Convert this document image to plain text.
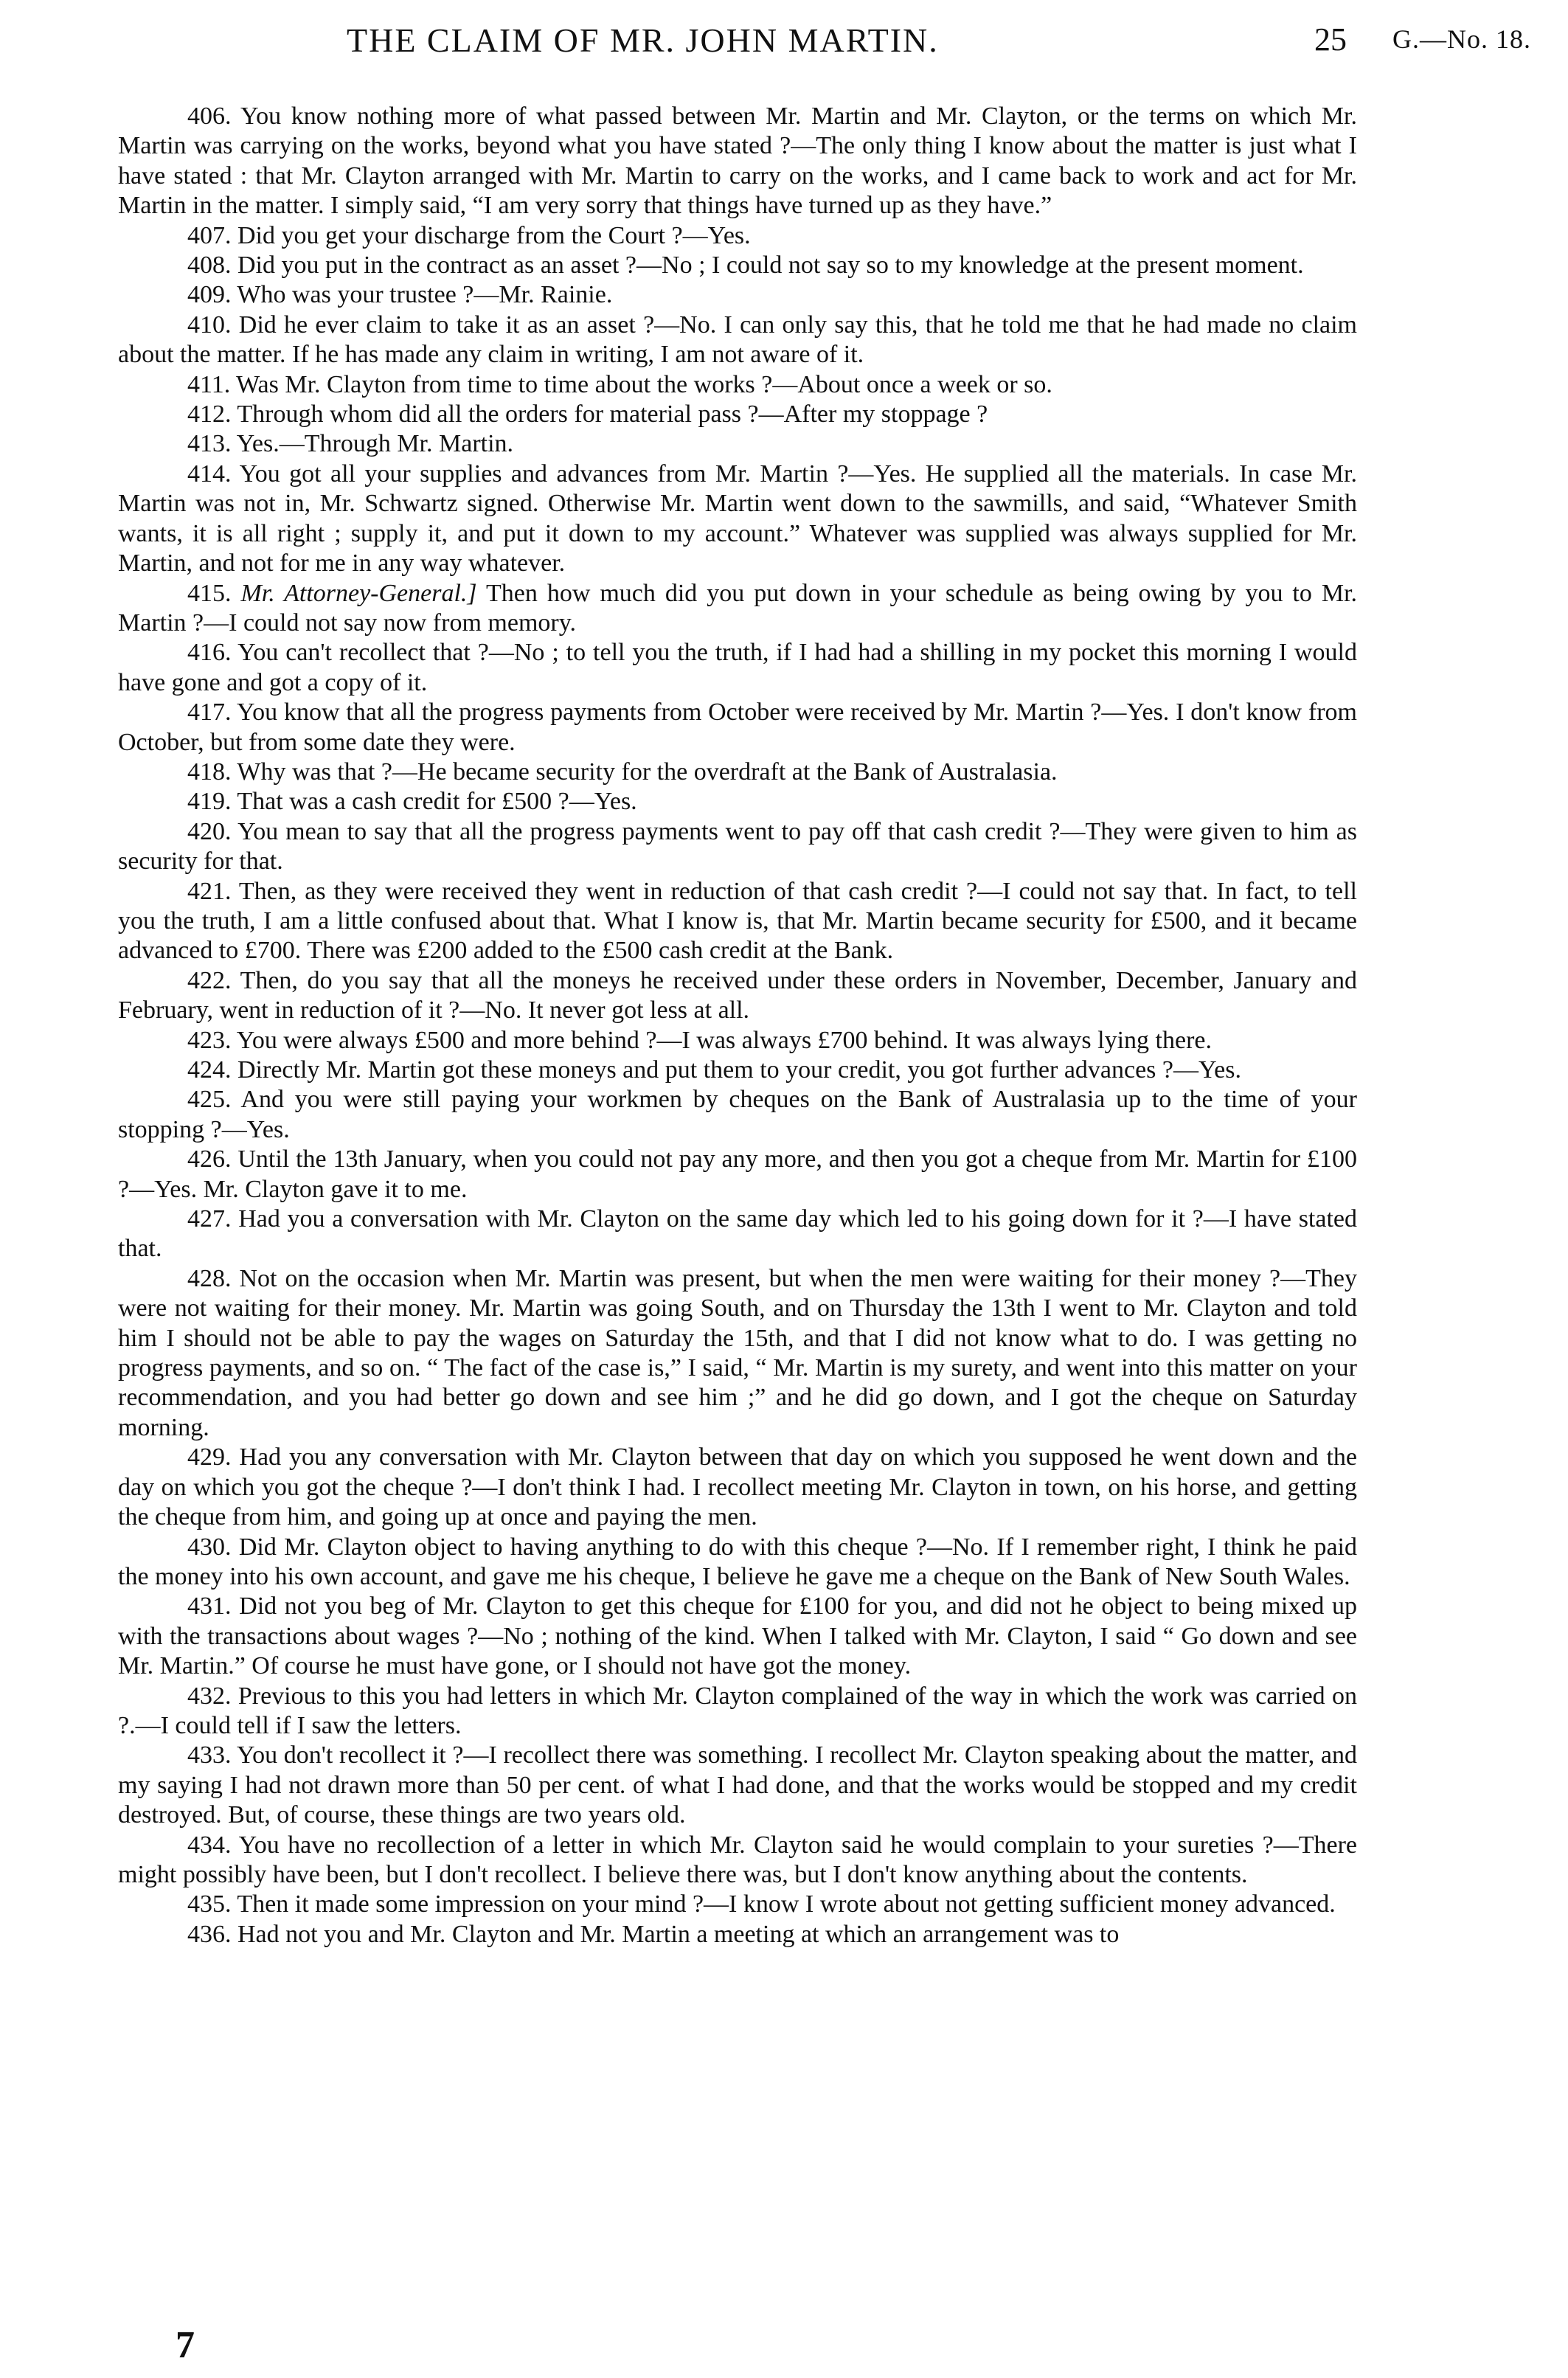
THE CLAIM OF MR. JOHN MARTIN.	25 G.—No. 18.

406. You know nothing more of what passed between Mr. Martin and Mr. Clayton, or the terms on which Mr. Martin was carrying on the works, beyond what you have stated ?—The only thing I know about the matter is just what I have stated : that Mr. Clayton arranged with Mr. Martin to carry on the works, and I came back to work and act for Mr. Martin in the matter. I simply said, “I am very sorry that things have turned up as they have.”

407. Did you get your discharge from the Court ?—Yes.

408. Did you put in the contract as an asset ?—No ; I could not say so to my knowledge at the present moment.

409. Who was your trustee ?—Mr. Rainie.

410. Did he ever claim to take it as an asset ?—No. I can only say this, that he told me that he had made no claim about the matter. If he has made any claim in writing, I am not aware of it.

411. Was Mr. Clayton from time to time about the works ?—About once a week or so.

412. Through whom did all the orders for material pass ?—After my stoppage ?

413. Yes.—Through Mr. Martin.

414. You got all your supplies and advances from Mr. Martin ?—Yes. He supplied all the materials. In case Mr. Martin was not in, Mr. Schwartz signed. Otherwise Mr. Martin went down to the sawmills, and said, “Whatever Smith wants, it is all right ; supply it, and put it down to my account.” Whatever was supplied was always supplied for Mr. Martin, and not for me in any way whatever.

415. Mr. Attorney-General.] Then how much did you put down in your schedule as being owing by you to Mr. Martin ?—I could not say now from memory.

416. You can't recollect that ?—No ; to tell you the truth, if I had had a shilling in my pocket this morning I would have gone and got a copy of it.

417. You know that all the progress payments from October were received by Mr. Martin ?—Yes. I don't know from October, but from some date they were.

418. Why was that ?—He became security for the overdraft at the Bank of Australasia.

419. That was a cash credit for £500 ?—Yes.

420. You mean to say that all the progress payments went to pay off that cash credit ?—They were given to him as security for that.

421. Then, as they were received they went in reduction of that cash credit ?—I could not say that. In fact, to tell you the truth, I am a little confused about that. What I know is, that Mr. Martin became security for £500, and it became advanced to £700. There was £200 added to the £500 cash credit at the Bank.

422. Then, do you say that all the moneys he received under these orders in November, December, January and February, went in reduction of it ?—No. It never got less at all.

423. You were always £500 and more behind ?—I was always £700 behind. It was always lying there.

424. Directly Mr. Martin got these moneys and put them to your credit, you got further advances ?—Yes.

425. And you were still paying your workmen by cheques on the Bank of Australasia up to the time of your stopping ?—Yes.

426. Until the 13th January, when you could not pay any more, and then you got a cheque from Mr. Martin for £100 ?—Yes. Mr. Clayton gave it to me.

427. Had you a conversation with Mr. Clayton on the same day which led to his going down for it ?—I have stated that.

428. Not on the occasion when Mr. Martin was present, but when the men were waiting for their money ?—They were not waiting for their money. Mr. Martin was going South, and on Thursday the 13th I went to Mr. Clayton and told him I should not be able to pay the wages on Saturday the 15th, and that I did not know what to do. I was getting no progress payments, and so on. “ The fact of the case is,” I said, “ Mr. Martin is my surety, and went into this matter on your recommendation, and you had better go down and see him ;” and he did go down, and I got the cheque on Saturday morning.

429. Had you any conversation with Mr. Clayton between that day on which you supposed he went down and the day on which you got the cheque ?—I don't think I had. I recollect meeting Mr. Clayton in town, on his horse, and getting the cheque from him, and going up at once and paying the men.

430. Did Mr. Clayton object to having anything to do with this cheque ?—No. If I remember right, I think he paid the money into his own account, and gave me his cheque, I believe he gave me a cheque on the Bank of New South Wales.

431. Did not you beg of Mr. Clayton to get this cheque for £100 for you, and did not he object to being mixed up with the transactions about wages ?—No ; nothing of the kind. When I talked with Mr. Clayton, I said “ Go down and see Mr. Martin.” Of course he must have gone, or I should not have got the money.

432. Previous to this you had letters in which Mr. Clayton complained of the way in which the work was carried on ?.—I could tell if I saw the letters.

433. You don't recollect it ?—I recollect there was something. I recollect Mr. Clayton speaking about the matter, and my saying I had not drawn more than 50 per cent. of what I had done, and that the works would be stopped and my credit destroyed. But, of course, these things are two years old.

434. You have no recollection of a letter in which Mr. Clayton said he would complain to your sureties ?—There might possibly have been, but I don't recollect. I believe there was, but I don't know anything about the contents.

435. Then it made some impression on your mind ?—I know I wrote about not getting sufficient money advanced.

436. Had not you and Mr. Clayton and Mr. Martin a meeting at which an arrangement was to

7
